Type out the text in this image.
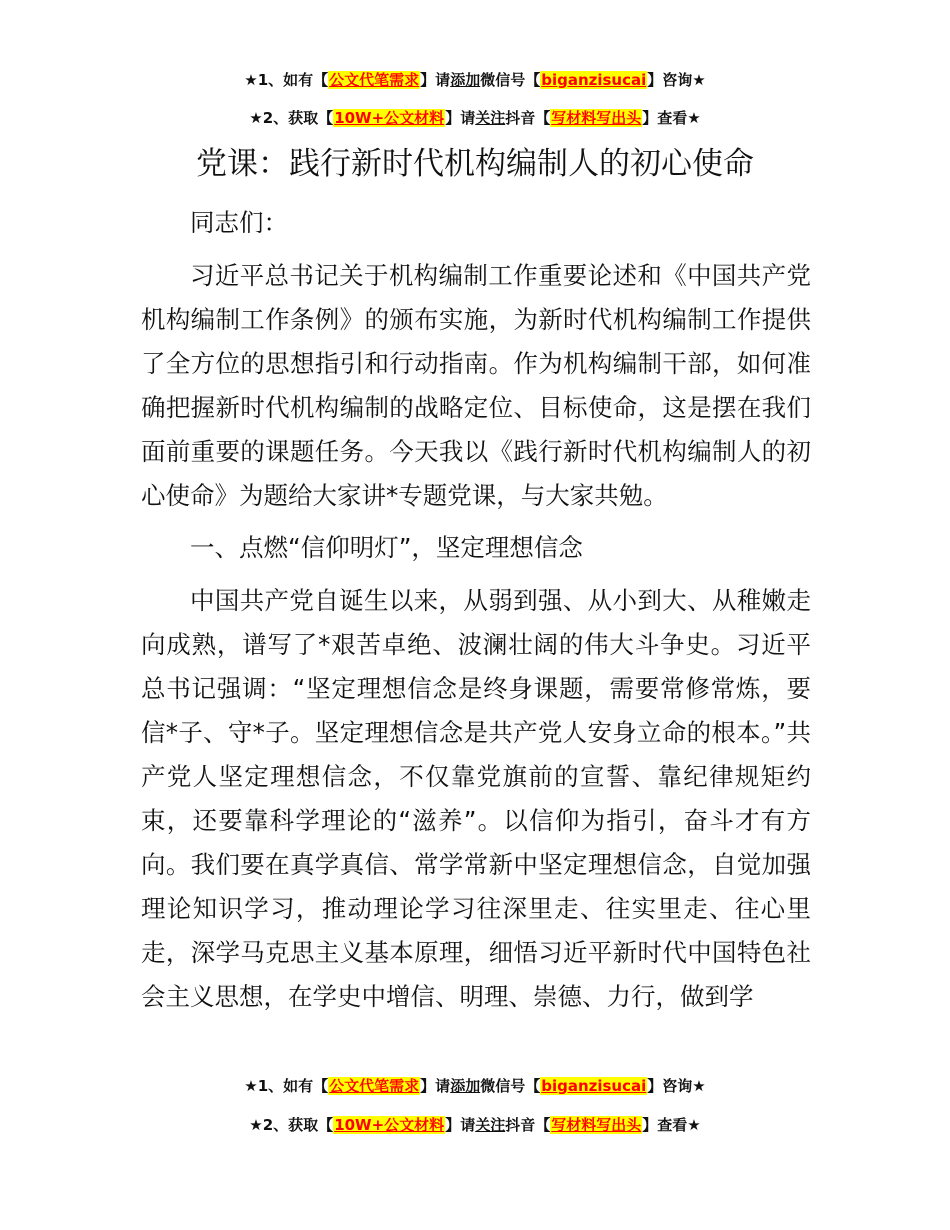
★1、如有【公文代笔需求】请添加微信号【biganzisucai】咨询★
★2、获取【10W+公文材料】请关注抖音【写材料写出头】查看★
党课：践行新时代机构编制人的初心使命

同志们：

习近平总书记关于机构编制工作重要论述和《中国共产党机构编制工作条例》的颁布实施，为新时代机构编制工作提供了全方位的思想指引和行动指南。作为机构编制干部，如何准确把握新时代机构编制的战略定位、目标使命，这是摆在我们面前重要的课题任务。今天我以《践行新时代机构编制人的初心使命》为题给大家讲*专题党课，与大家共勉。

一、点燃“信仰明灯”，坚定理想信念

中国共产党自诞生以来，从弱到强、从小到大、从稚嫩走向成熟，谱写了*艰苦卓绝、波澜壮阔的伟大斗争史。习近平总书记强调：“坚定理想信念是终身课题，需要常修常炼，要信*子、守*子。坚定理想信念是共产党人安身立命的根本。”共产党人坚定理想信念，不仅靠党旗前的宣誓、靠纪律规矩约束，还要靠科学理论的“滋养”。以信仰为指引，奋斗才有方向。我们要在真学真信、常学常新中坚定理想信念，自觉加强理论知识学习，推动理论学习往深里走、往实里走、往心里走，深学马克思主义基本原理，细悟习近平新时代中国特色社会主义思想，在学史中增信、明理、崇德、力行，做到学

★1、如有【公文代笔需求】请添加微信号【biganzisucai】咨询★
★2、获取【10W+公文材料】请关注抖音【写材料写出头】查看★
